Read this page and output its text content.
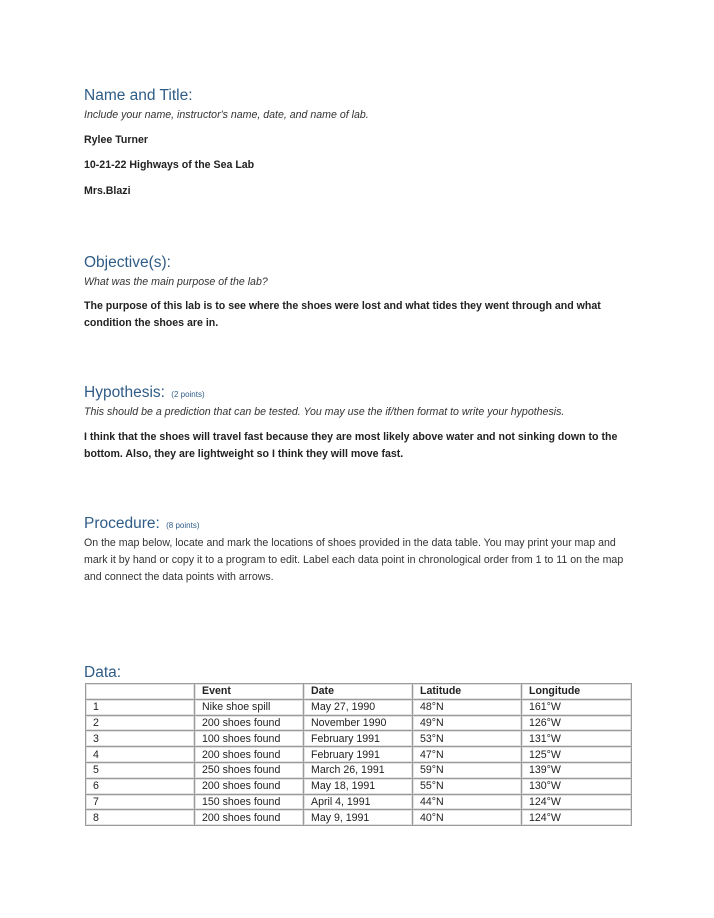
Name and Title:
Include your name, instructor's name, date, and name of lab.
Rylee Turner
10-21-22 Highways of the Sea Lab
Mrs.Blazi
Objective(s):
What was the main purpose of the lab?
The purpose of this lab is to see where the shoes were lost and what tides they went through and what condition the shoes are in.
Hypothesis: (2 points)
This should be a prediction that can be tested. You may use the if/then format to write your hypothesis.
I think that the shoes will travel fast because they are most likely above water and not sinking down to the bottom. Also, they are lightweight so I think they will move fast.
Procedure: (8 points)
On the map below, locate and mark the locations of shoes provided in the data table. You may print your map and mark it by hand or copy it to a program to edit. Label each data point in chronological order from 1 to 11 on the map and connect the data points with arrows.
Data:
	Event	Date	Latitude	Longitude
1	Nike shoe spill	May 27, 1990	48°N	161°W
2	200 shoes found	November 1990	49°N	126°W
3	100 shoes found	February 1991	53°N	131°W
4	200 shoes found	February 1991	47°N	125°W
5	250 shoes found	March 26, 1991	59°N	139°W
6	200 shoes found	May 18, 1991	55°N	130°W
7	150 shoes found	April 4, 1991	44°N	124°W
8	200 shoes found	May 9, 1991	40°N	124°W
